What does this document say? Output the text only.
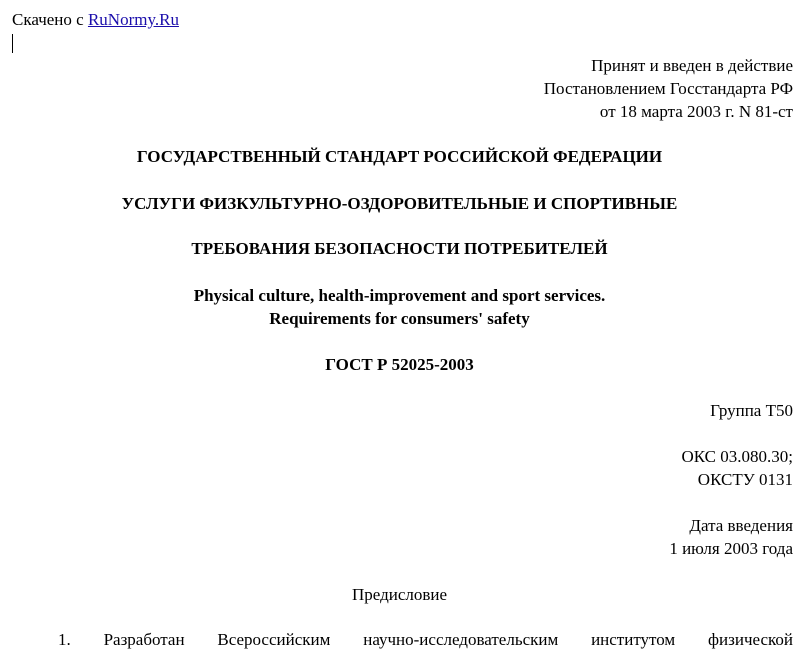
Скачено с RuNormy.Ru
Принят и введен в действие
Постановлением Госстандарта РФ
от 18 марта 2003 г. N 81-ст
ГОСУДАРСТВЕННЫЙ СТАНДАРТ РОССИЙСКОЙ ФЕДЕРАЦИИ
УСЛУГИ ФИЗКУЛЬТУРНО-ОЗДОРОВИТЕЛЬНЫЕ И СПОРТИВНЫЕ
ТРЕБОВАНИЯ БЕЗОПАСНОСТИ ПОТРЕБИТЕЛЕЙ
Physical culture, health-improvement and sport services.
Requirements for consumers' safety
ГОСТ Р 52025-2003
Группа Т50
ОКС 03.080.30;
ОКСТУ 0131
Дата введения
1 июля 2003 года
Предисловие
1. Разработан Всероссийским научно-исследовательским институтом физической
